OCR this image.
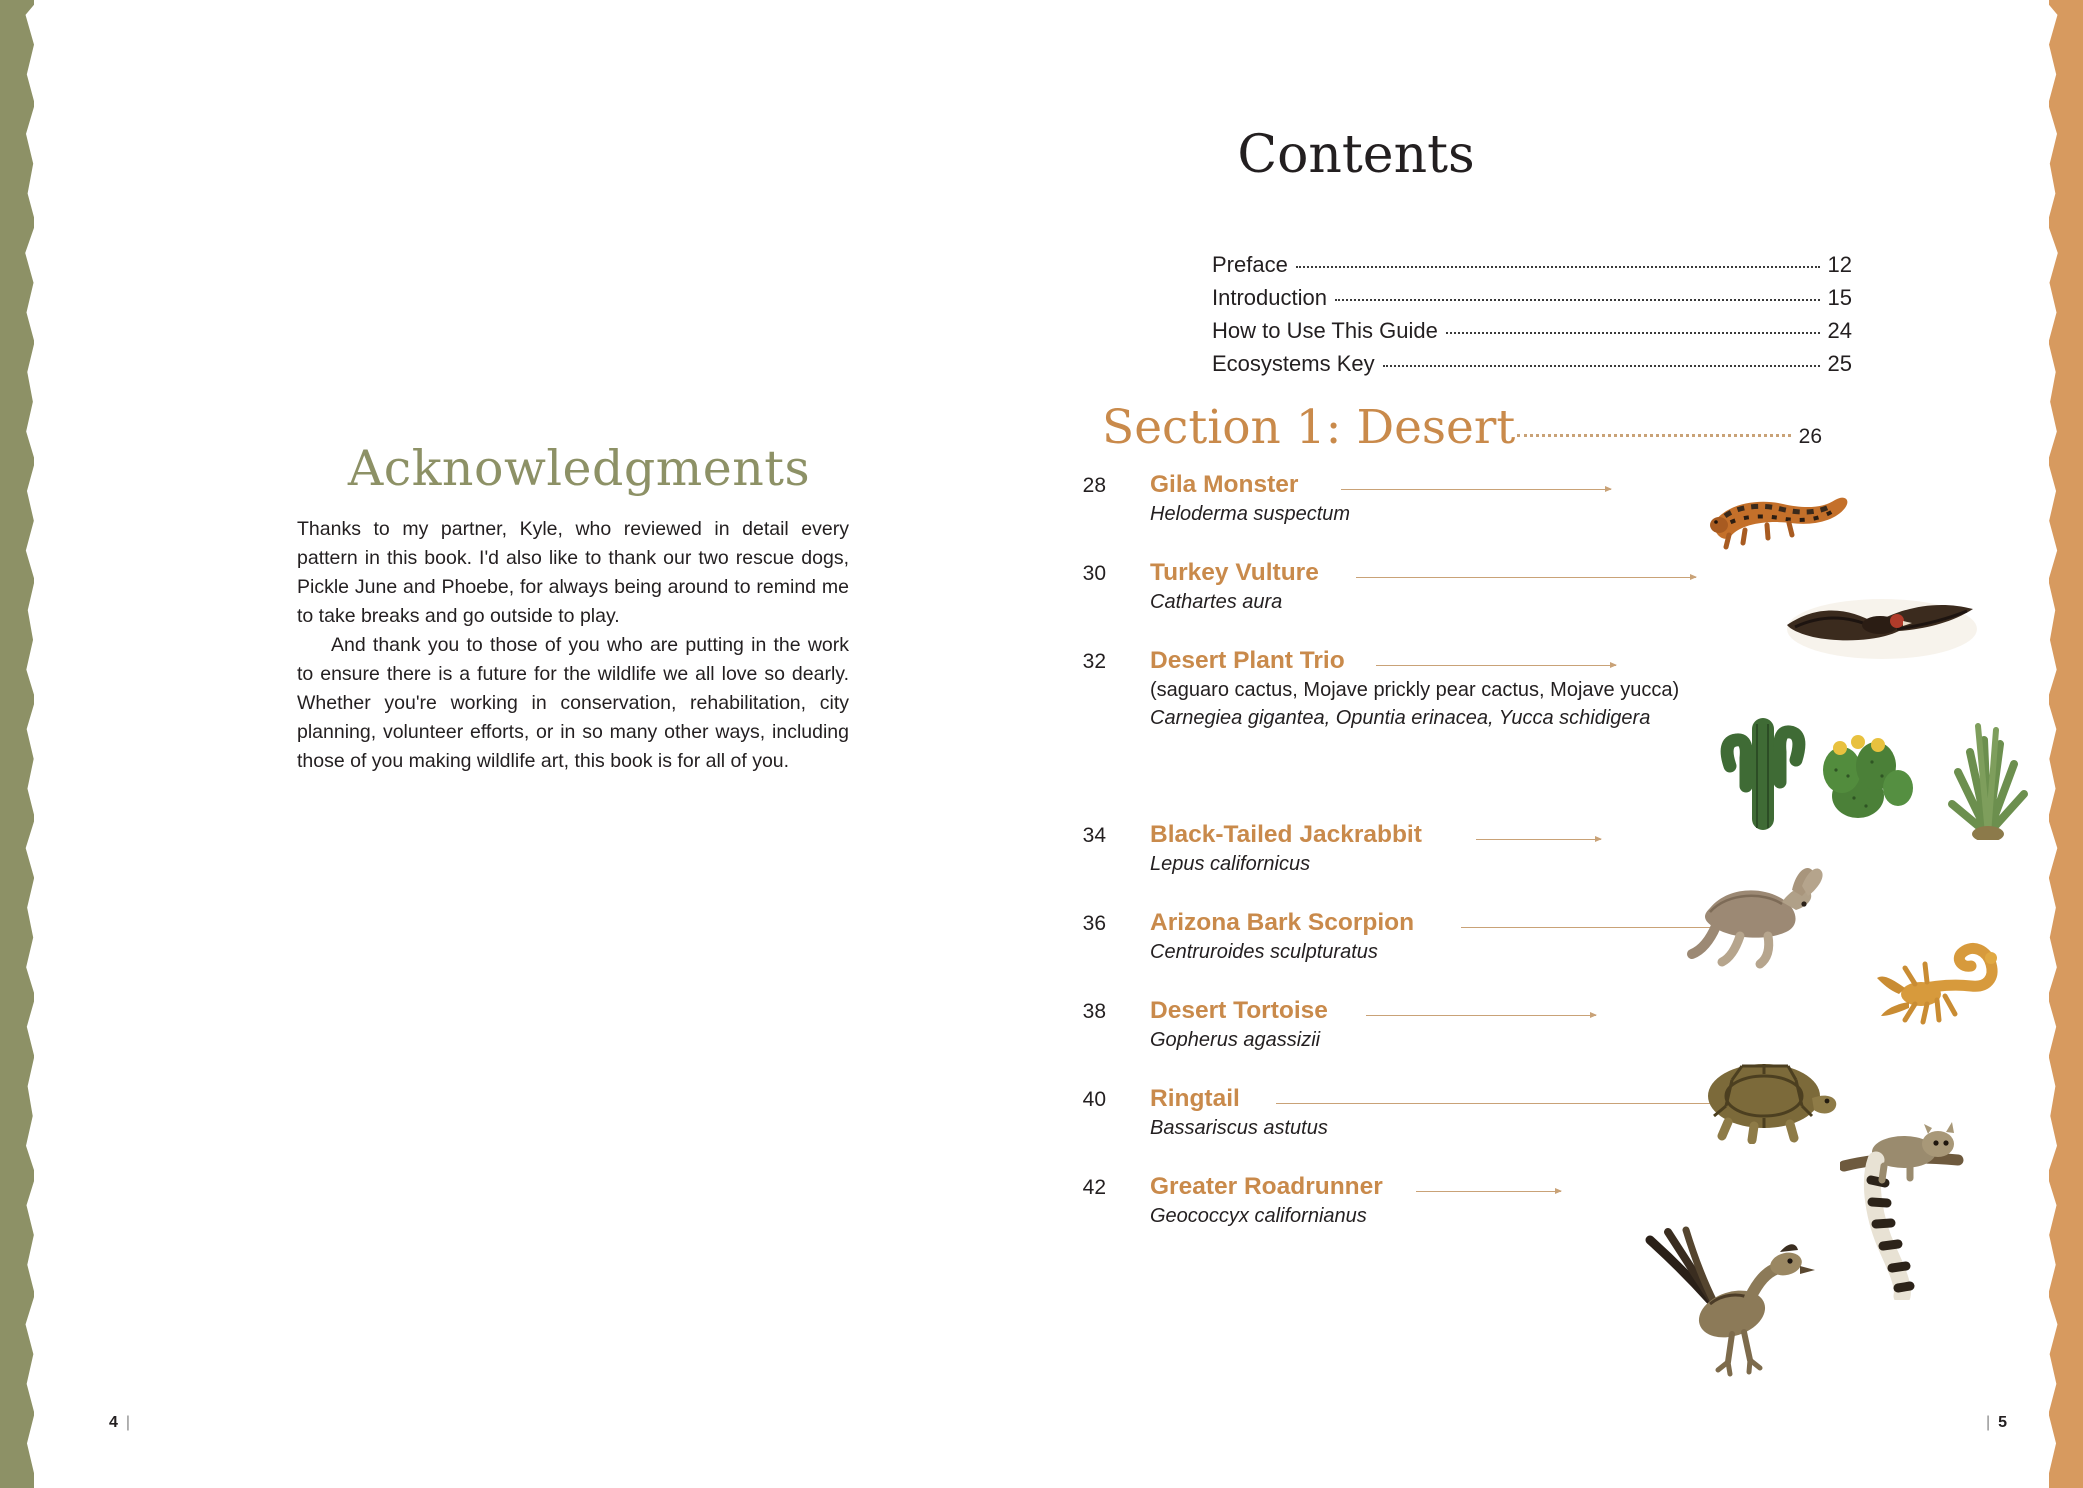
Acknowledgments

Thanks to my partner, Kyle, who reviewed in detail every pattern in this book. I'd also like to thank our two rescue dogs, Pickle June and Phoebe, for always being around to remind me to take breaks and go outside to play.

And thank you to those of you who are putting in the work to ensure there is a future for the wildlife we all love so dearly. Whether you're working in conservation, rehabilitation, city planning, volunteer efforts, or in so many other ways, including those of you making wildlife art, this book is for all of you.

4 |
Contents
Preface	12
Introduction	15
How to Use This Guide	24
Ecosystems Key	25
Section 1: Desert	26
28 Gila Monster
Heloderma suspectum
30 Turkey Vulture
Cathartes aura
32 Desert Plant Trio
(saguaro cactus, Mojave prickly pear cactus, Mojave yucca)
Carnegiea gigantea, Opuntia erinacea, Yucca schidigera
34 Black-Tailed Jackrabbit
Lepus californicus
36 Arizona Bark Scorpion
Centruroides sculpturatus
38 Desert Tortoise
Gopherus agassizii
40 Ringtail
Bassariscus astutus
42 Greater Roadrunner
Geococcyx californianus
| 5
